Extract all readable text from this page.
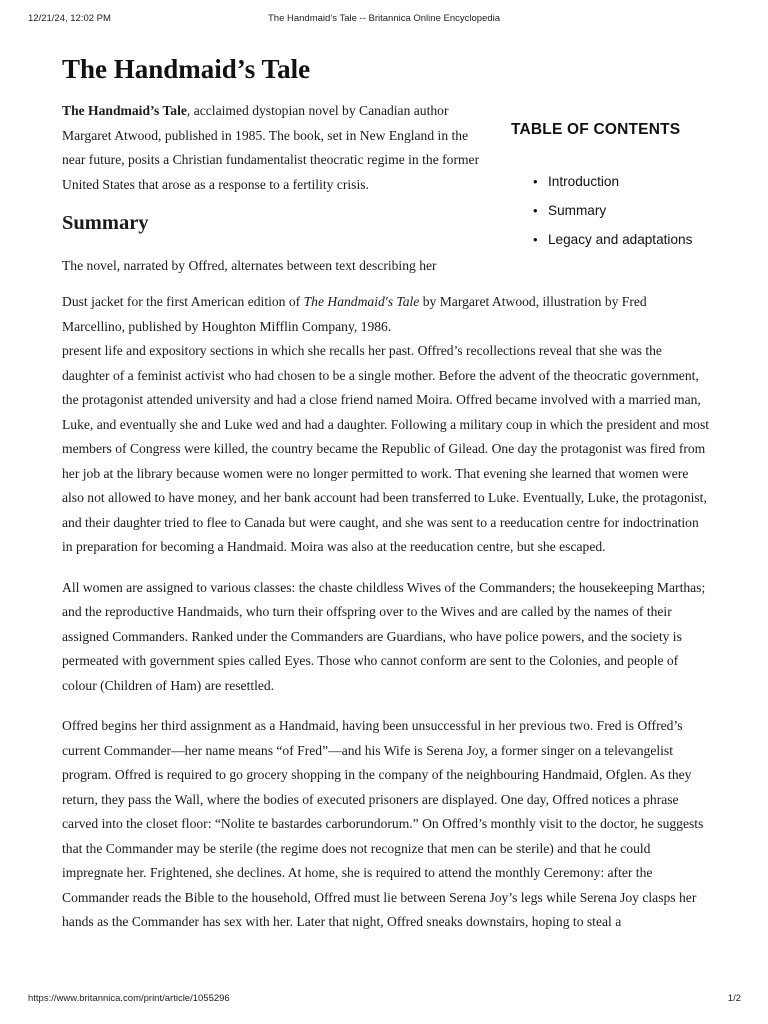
12/21/24, 12:02 PM	The Handmaid’s Tale -- Britannica Online Encyclopedia
The Handmaid’s Tale

The Handmaid’s Tale, acclaimed dystopian novel by Canadian author Margaret Atwood, published in 1985. The book, set in New England in the near future, posits a Christian fundamentalist theocratic regime in the former United States that arose as a response to a fertility crisis.

Summary

The novel, narrated by Offred, alternates between text describing her

TABLE OF CONTENTS
• Introduction
• Summary
• Legacy and adaptations

Dust jacket for the first American edition of The Handmaid's Tale by Margaret Atwood, illustration by Fred Marcellino, published by Houghton Mifflin Company, 1986.

present life and expository sections in which she recalls her past. Offred’s recollections reveal that she was the daughter of a feminist activist who had chosen to be a single mother. Before the advent of the theocratic government, the protagonist attended university and had a close friend named Moira. Offred became involved with a married man, Luke, and eventually she and Luke wed and had a daughter. Following a military coup in which the president and most members of Congress were killed, the country became the Republic of Gilead. One day the protagonist was fired from her job at the library because women were no longer permitted to work. That evening she learned that women were also not allowed to have money, and her bank account had been transferred to Luke. Eventually, Luke, the protagonist, and their daughter tried to flee to Canada but were caught, and she was sent to a reeducation centre for indoctrination in preparation for becoming a Handmaid. Moira was also at the reeducation centre, but she escaped.

All women are assigned to various classes: the chaste childless Wives of the Commanders; the housekeeping Marthas; and the reproductive Handmaids, who turn their offspring over to the Wives and are called by the names of their assigned Commanders. Ranked under the Commanders are Guardians, who have police powers, and the society is permeated with government spies called Eyes. Those who cannot conform are sent to the Colonies, and people of colour (Children of Ham) are resettled.

Offred begins her third assignment as a Handmaid, having been unsuccessful in her previous two. Fred is Offred’s current Commander—her name means “of Fred”—and his Wife is Serena Joy, a former singer on a televangelist program. Offred is required to go grocery shopping in the company of the neighbouring Handmaid, Ofglen. As they return, they pass the Wall, where the bodies of executed prisoners are displayed. One day, Offred notices a phrase carved into the closet floor: “Nolite te bastardes carborundorum.” On Offred’s monthly visit to the doctor, he suggests that the Commander may be sterile (the regime does not recognize that men can be sterile) and that he could impregnate her. Frightened, she declines. At home, she is required to attend the monthly Ceremony: after the Commander reads the Bible to the household, Offred must lie between Serena Joy’s legs while Serena Joy clasps her hands as the Commander has sex with her. Later that night, Offred sneaks downstairs, hoping to steal a

https://www.britannica.com/print/article/1055296	1/2
